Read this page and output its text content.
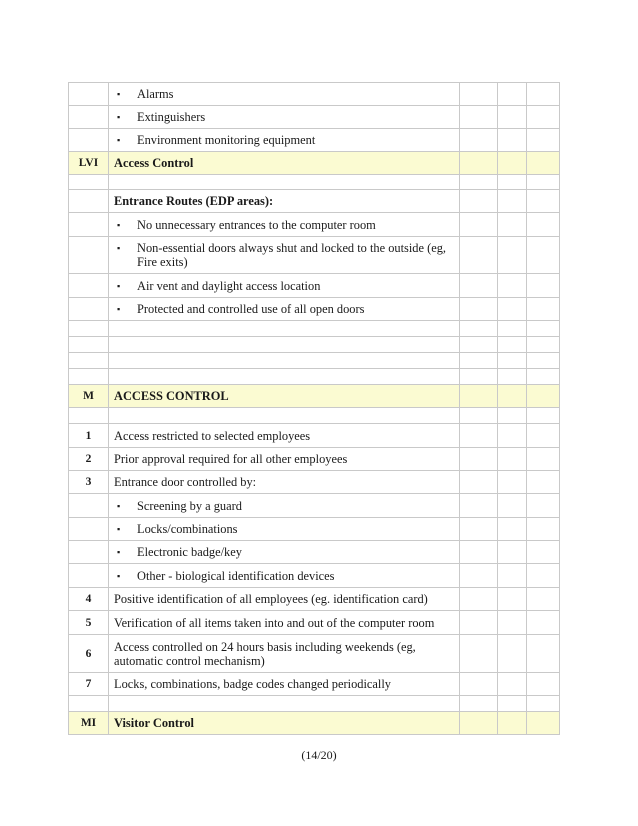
	▪ Alarms			

	▪ Extinguishers			

	▪ Environment monitoring equipment			

LVI	Access Control			

	Entrance Routes (EDP areas):			

	▪ No unnecessary entrances to the computer room			

	▪ Non-essential doors always shut and locked to the outside (eg, Fire exits)			

	▪ Air vent and daylight access location			

	▪ Protected and controlled use of all open doors			

M	ACCESS CONTROL			

1	Access restricted to selected employees			
2	Prior approval required for all other employees			
3	Entrance door controlled by:			

	▪ Screening by a guard			

	▪ Locks/combinations			

	▪ Electronic badge/key			

	▪ Other - biological identification devices			

4	Positive identification of all employees (eg. identification card)			
5	Verification of all items taken into and out of the computer room			
6	Access controlled on 24 hours basis including weekends (eg, automatic control mechanism)			
7	Locks, combinations, badge codes changed periodically			

MI	Visitor Control			
(14/20)
